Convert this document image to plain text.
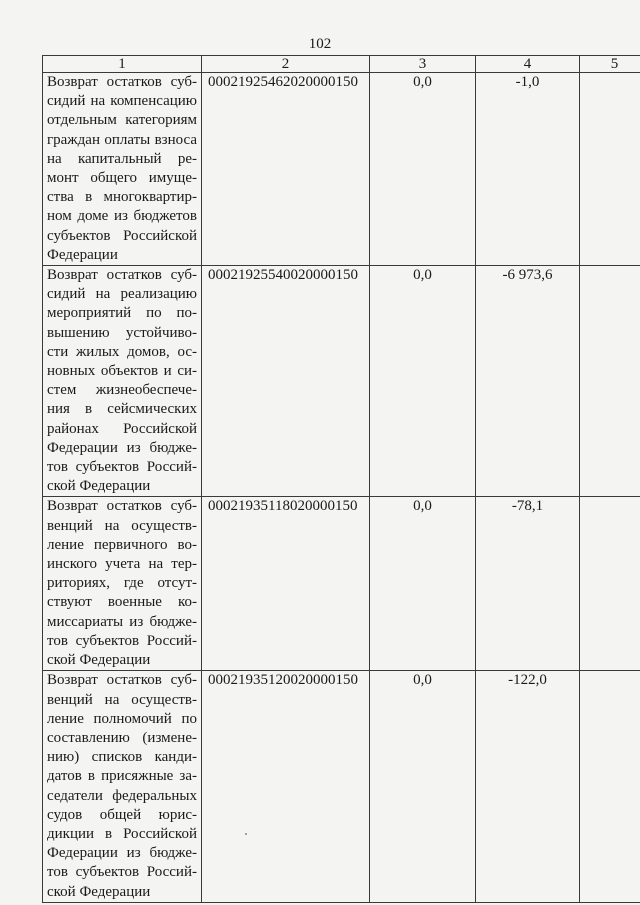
102
1	2	3	4	5
Возврат остатков суб-сидий на компенсацию отдельным категориям граждан оплаты взноса на капитальный ре-монт общего имуще-ства в многоквартир-ном доме из бюджетов субъектов Российской Федерации	00021925462020000150	0,0	-1,0	
Возврат остатков суб-сидий на реализацию мероприятий по по-вышению устойчиво-сти жилых домов, ос-новных объектов и си-стем жизнеобеспече-ния в сейсмических районах Российской Федерации из бюдже-тов субъектов Россий-ской Федерации	00021925540020000150	0,0	-6 973,6	
Возврат остатков суб-венций на осуществ-ление первичного во-инского учета на тер-риториях, где отсут-ствуют военные ко-миссариаты из бюдже-тов субъектов Россий-ской Федерации	00021935118020000150	0,0	-78,1	
Возврат остатков суб-венций на осуществ-ление полномочий по составлению (измене-нию) списков канди-датов в присяжные за-седатели федеральных судов общей юрис-дикции в Российской Федерации из бюдже-тов субъектов Россий-ской Федерации	00021935120020000150	0,0	-122,0	
